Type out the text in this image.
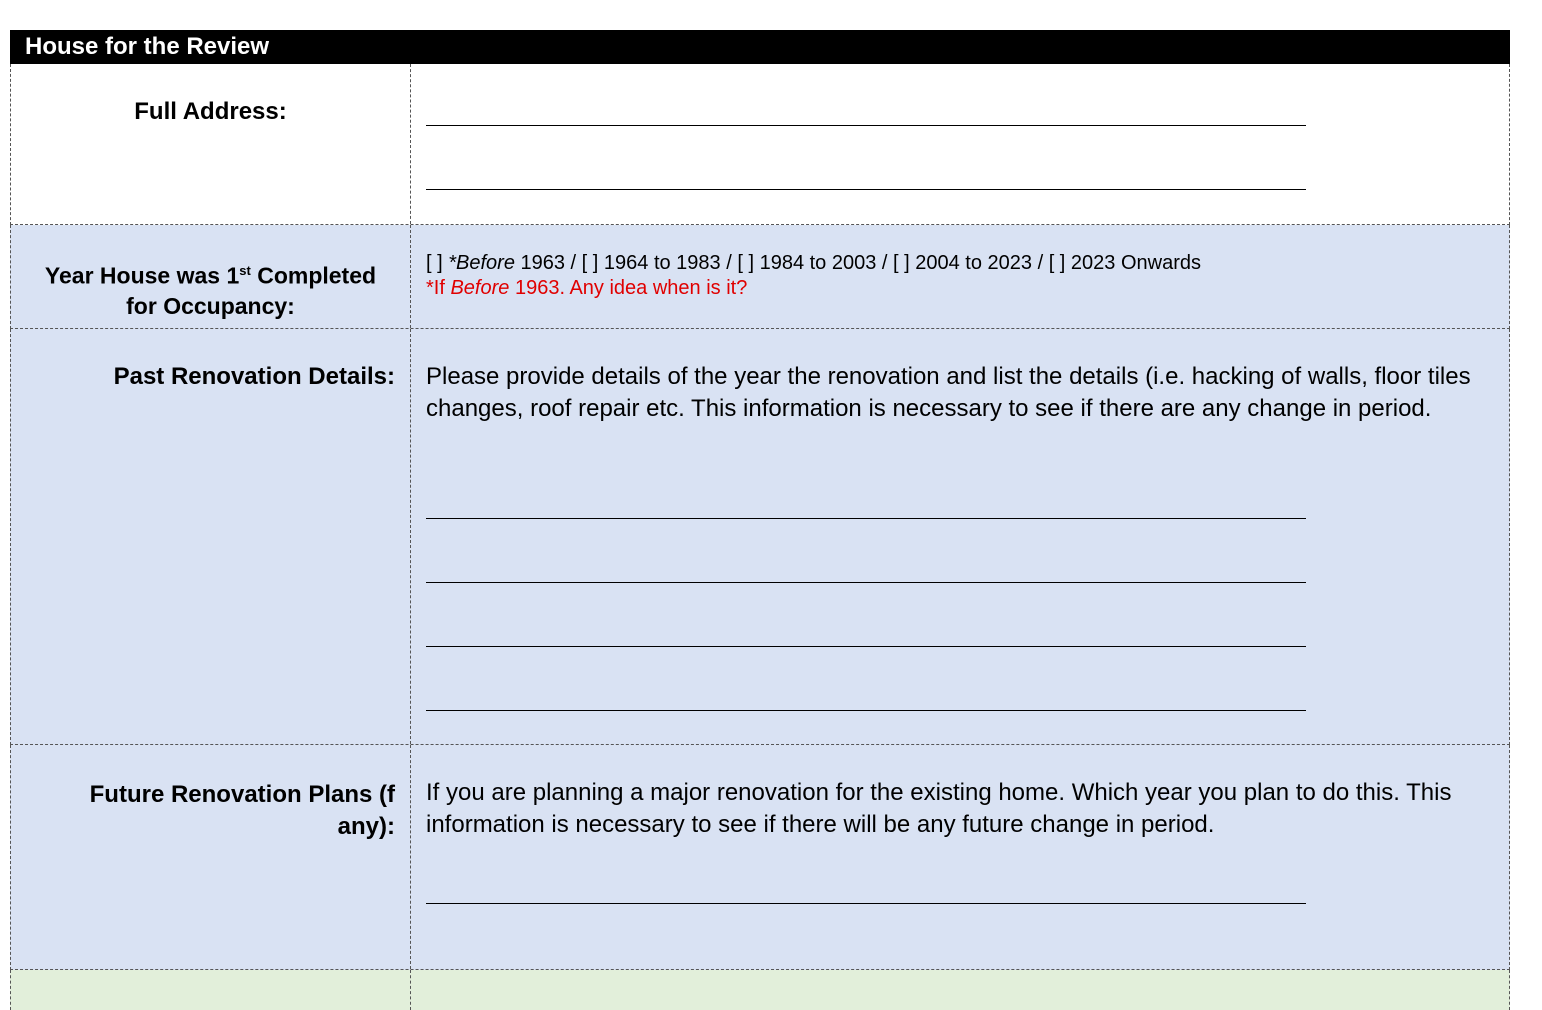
House for the Review
Full Address:
Year House was 1st Completed
for Occupancy:
[ ] *Before 1963 / [ ] 1964 to 1983 / [ ] 1984 to 2003 / [ ] 2004 to 2023 / [ ] 2023 Onwards
*If Before 1963. Any idea when is it?
Past Renovation Details: Please provide details of the year the renovation and list the details (i.e. hacking of walls, floor tiles changes, roof repair etc. This information is necessary to see if there are any change in period.
Future Renovation Plans (f
any):
If you are planning a major renovation for the existing home. Which year you plan to do this. This information is necessary to see if there will be any future change in period.
